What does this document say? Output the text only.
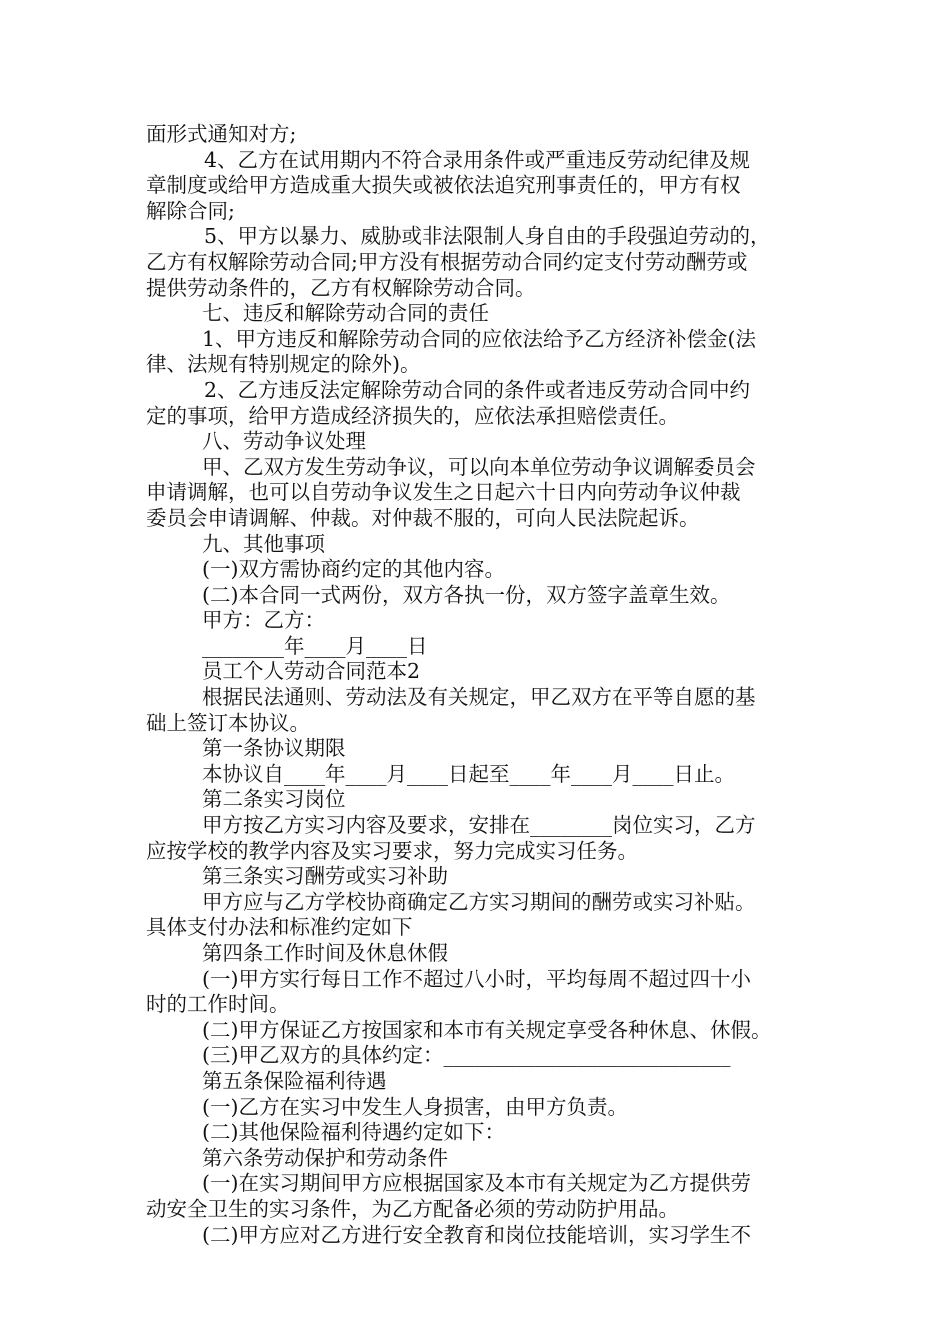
面形式通知对方;
4、乙方在试用期内不符合录用条件或严重违反劳动纪律及规
章制度或给甲方造成重大损失或被依法追究刑事责任的，甲方有权
解除合同;
5、甲方以暴力、威胁或非法限制人身自由的手段强迫劳动的，
乙方有权解除劳动合同;甲方没有根据劳动合同约定支付劳动酬劳或
提供劳动条件的，乙方有权解除劳动合同。
七、违反和解除劳动合同的责任
1、甲方违反和解除劳动合同的应依法给予乙方经济补偿金(法
律、法规有特别规定的除外)。
2、乙方违反法定解除劳动合同的条件或者违反劳动合同中约
定的事项，给甲方造成经济损失的，应依法承担赔偿责任。
八、劳动争议处理
甲、乙双方发生劳动争议，可以向本单位劳动争议调解委员会
申请调解，也可以自劳动争议发生之日起六十日内向劳动争议仲裁
委员会申请调解、仲裁。对仲裁不服的，可向人民法院起诉。
九、其他事项
(一)双方需协商约定的其他内容。
(二)本合同一式两份，双方各执一份，双方签字盖章生效。
甲方：乙方：
________年____月____日
员工个人劳动合同范本2
根据民法通则、劳动法及有关规定，甲乙双方在平等自愿的基
础上签订本协议。
第一条协议期限
本协议自____年____月____日起至____年____月____日止。
第二条实习岗位
甲方按乙方实习内容及要求，安排在________岗位实习，乙方
应按学校的教学内容及实习要求，努力完成实习任务。
第三条实习酬劳或实习补助
甲方应与乙方学校协商确定乙方实习期间的酬劳或实习补贴。
具体支付办法和标准约定如下
第四条工作时间及休息休假
(一)甲方实行每日工作不超过八小时，平均每周不超过四十小
时的工作时间。
(二)甲方保证乙方按国家和本市有关规定享受各种休息、休假。
(三)甲乙双方的具体约定：____________________________
第五条保险福利待遇
(一)乙方在实习中发生人身损害，由甲方负责。
(二)其他保险福利待遇约定如下：
第六条劳动保护和劳动条件
(一)在实习期间甲方应根据国家及本市有关规定为乙方提供劳
动安全卫生的实习条件，为乙方配备必须的劳动防护用品。
(二)甲方应对乙方进行安全教育和岗位技能培训，实习学生不
